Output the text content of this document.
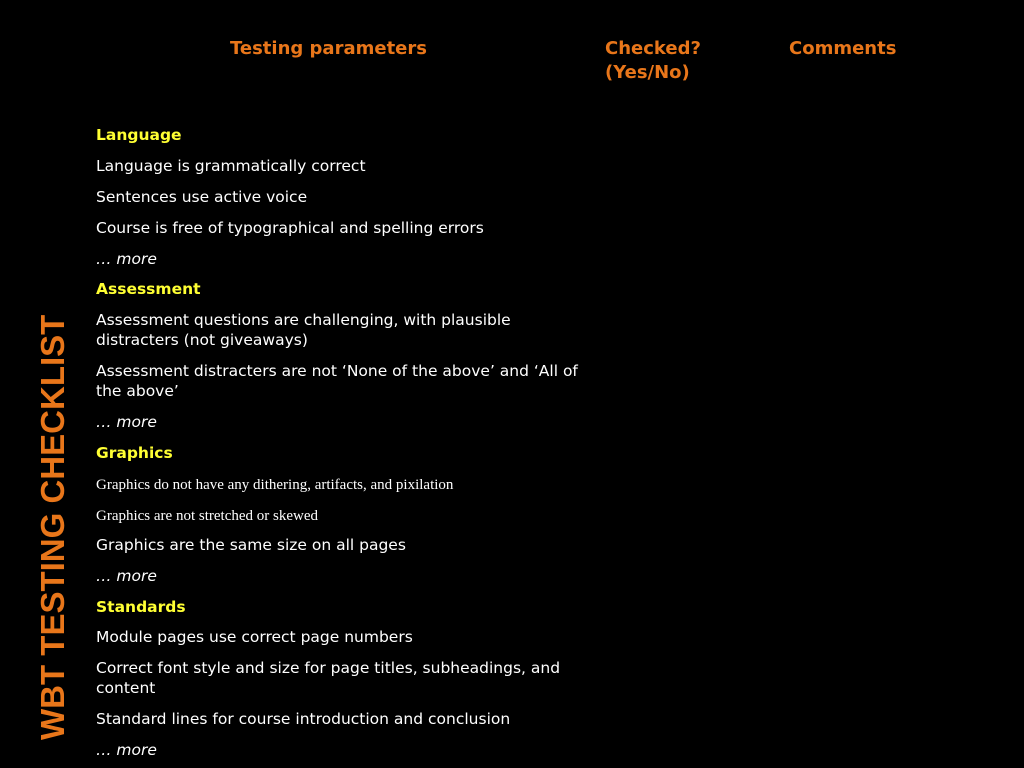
WBT TESTING CHECKLIST
Testing parameters	Checked?
(Yes/No)
Comments
Language
Language is grammatically correct
Sentences use active voice
Course is free of typographical and spelling errors
… more
Assessment
Assessment questions are challenging, with plausible distracters (not giveaways)
Assessment distracters are not ‘None of the above’ and ‘All of the above’
… more
Graphics
Graphics do not have any dithering, artifacts, and pixilation
Graphics are not stretched or skewed
Graphics are the same size on all pages
… more
Standards
Module pages use correct page numbers
Correct font style and size for page titles, subheadings, and content
Standard lines for course introduction and conclusion
… more
